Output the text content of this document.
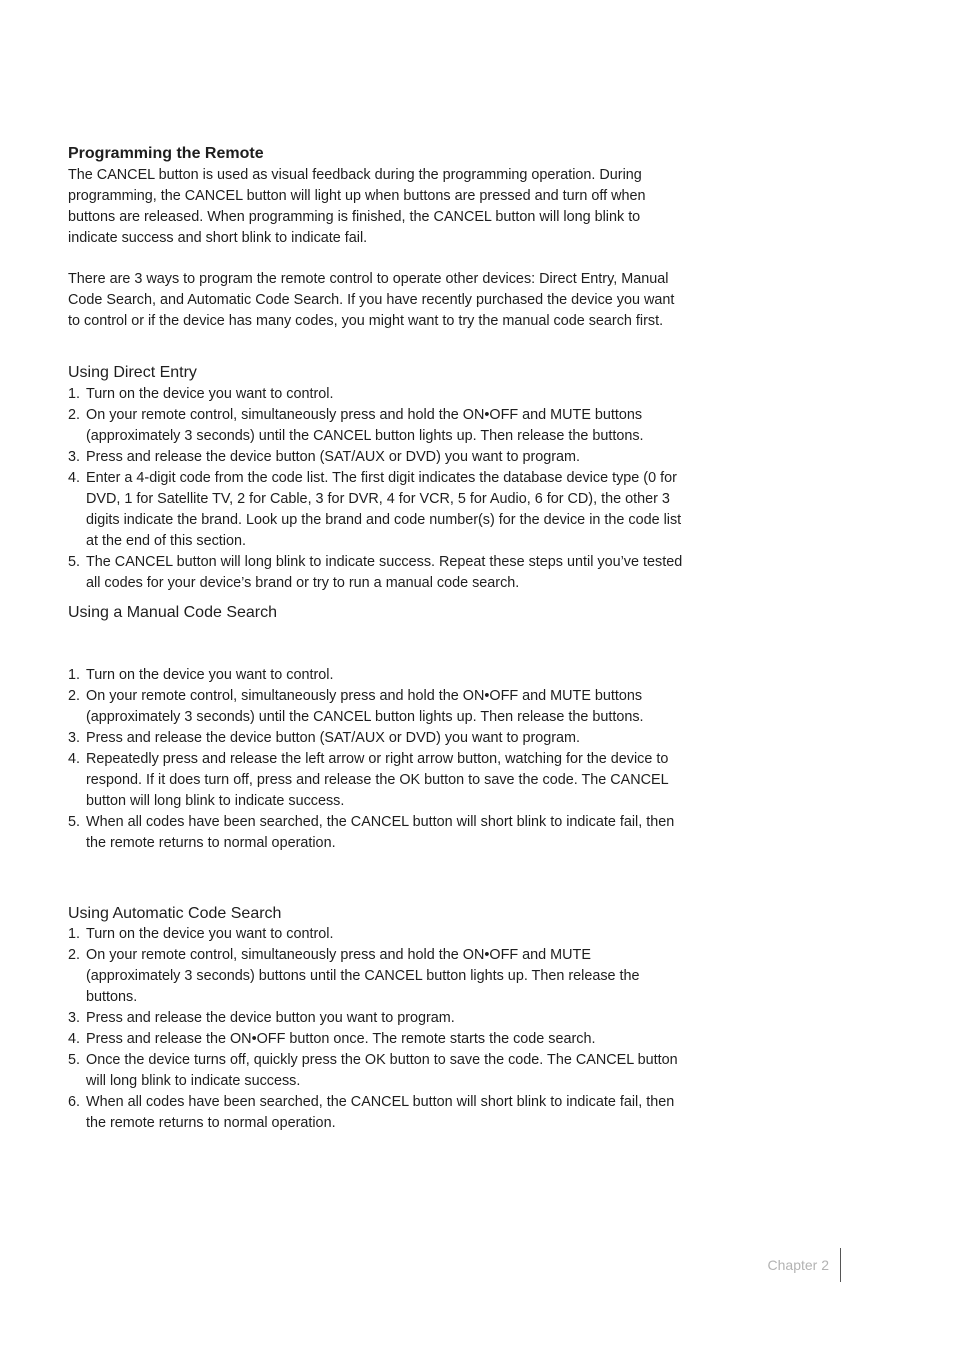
Programming the Remote

The CANCEL button is used as visual feedback during the programming operation. During programming, the CANCEL button will light up when buttons are pressed and turn off when buttons are released. When programming is finished, the CANCEL button will long blink to indicate success and short blink to indicate fail.

There are 3 ways to program the remote control to operate other devices: Direct Entry, Manual Code Search, and Automatic Code Search. If you have recently purchased the device you want to control or if the device has many codes, you might want to try the manual code search first.

Using Direct Entry
1. Turn on the device you want to control.
2. On your remote control, simultaneously press and hold the ON•OFF and MUTE buttons (approximately 3 seconds) until the CANCEL button lights up. Then release the buttons.
3. Press and release the device button (SAT/AUX or DVD) you want to program.
4. Enter a 4-digit code from the code list. The first digit indicates the database device type (0 for DVD, 1 for Satellite TV, 2 for Cable, 3 for DVR, 4 for VCR, 5 for Audio, 6 for CD), the other 3 digits indicate the brand. Look up the brand and code number(s) for the device in the code list at the end of this section.
5. The CANCEL button will long blink to indicate success. Repeat these steps until you’ve tested all codes for your device’s brand or try to run a manual code search.
Using a Manual Code Search
1. Turn on the device you want to control.
2. On your remote control, simultaneously press and hold the ON•OFF and MUTE buttons (approximately 3 seconds) until the CANCEL button lights up. Then release the buttons.
3. Press and release the device button (SAT/AUX or DVD) you want to program.
4. Repeatedly press and release the left arrow or right arrow button, watching for the device to respond. If it does turn off, press and release the OK button to save the code. The CANCEL button will long blink to indicate success.
5. When all codes have been searched, the CANCEL button will short blink to indicate fail, then the remote returns to normal operation.
Using Automatic Code Search
1. Turn on the device you want to control.
2. On your remote control, simultaneously press and hold the ON•OFF and MUTE (approximately 3 seconds) buttons until the CANCEL button lights up. Then release the buttons.
3. Press and release the device button you want to program.
4. Press and release the ON•OFF button once. The remote starts the code search.
5. Once the device turns off, quickly press the OK button to save the code. The CANCEL button will long blink to indicate success.
6. When all codes have been searched, the CANCEL button will short blink to indicate fail, then the remote returns to normal operation.
Chapter 2
